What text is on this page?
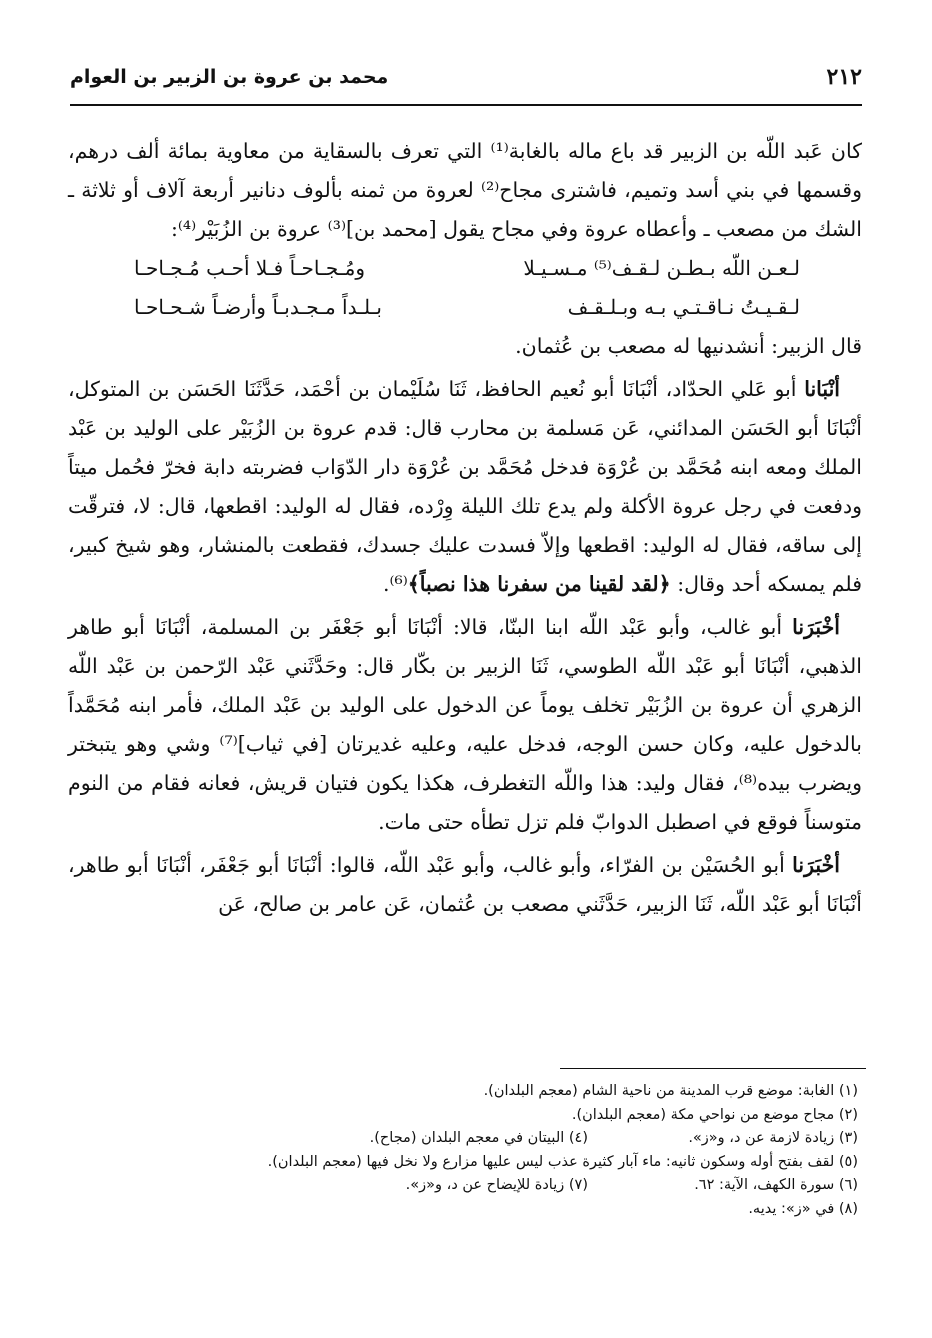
٢١٢
محمد بن عروة بن الزبير بن العوام

كان عَبد اللّه بن الزبير قد باع ماله بالغابة⁽¹⁾ التي تعرف بالسقاية من معاوية بمائة ألف درهم، وقسمها في بني أسد وتميم، فاشترى مجاح⁽²⁾ لعروة من ثمنه بألوف دنانير أربعة آلاف أو ثلاثة ـ الشك من مصعب ـ وأعطاه عروة وفي مجاح يقول [محمد بن]⁽³⁾ عروة بن الزُبَيْر⁽⁴⁾:

لـعـن اللّه بـطـن لـقـف⁽⁵⁾ مـسـيـلا
ومُـجـاحـاً فـلا أحـب مُـجـاحـا
لـقـيـتُ نـاقـتـي بـه وبـلـقـف
بـلـداً مـجـدبـاً وأرضـاً شـحـاحـا

قال الزبير: أنشدنيها له مصعب بن عُثمان.

أنْبَانا أبو عَلي الحدّاد، أنْبَانَا أبو نُعيم الحافظ، ثَنَا سُلَيْمان بن أحْمَد، حَدَّثَنَا الحَسَن بن المتوكل، أنْبَانَا أبو الحَسَن المدائني، عَن مَسلمة بن محارب قال: قدم عروة بن الزُبَيْر على الوليد بن عَبْد الملك ومعه ابنه مُحَمَّد بن عُرْوَة فدخل مُحَمَّد بن عُرْوَة دار الدّوَاب فضربته دابة فخرّ فحُمل ميتاً ودفعت في رجل عروة الأكلة ولم يدع تلك الليلة وِرْده، فقال له الوليد: اقطعها، قال: لا، فترقّت إلى ساقه، فقال له الوليد: اقطعها وإلاّ فسدت عليك جسدك، فقطعت بالمنشار، وهو شيخ كبير، فلم يمسكه أحد وقال: ﴿لقد لقينا من سفرنا هذا نصباً﴾⁽⁶⁾.

أخْبَرَنا أبو غالب، وأبو عَبْد اللّه ابنا البنّا، قالا: أنْبَانَا أبو جَعْفَر بن المسلمة، أنْبَانَا أبو طاهر الذهبي، أنْبَانَا أبو عَبْد اللّه الطوسي، ثَنَا الزبير بن بكّار قال: وحَدَّثَني عَبْد الرّحمن بن عَبْد اللّه الزهري أن عروة بن الزُبَيْر تخلف يوماً عن الدخول على الوليد بن عَبْد الملك، فأمر ابنه مُحَمَّداً بالدخول عليه، وكان حسن الوجه، فدخل عليه، وعليه غديرتان [في ثياب]⁽⁷⁾ وشي وهو يتبختر ويضرب بيده⁽⁸⁾، فقال وليد: هذا واللّه التغطرف، هكذا يكون فتيان قريش، فعانه فقام من النوم متوسناً فوقع في اصطبل الدوابّ فلم تزل تطأه حتى مات.

أخْبَرَنا أبو الحُسَيْن بن الفرّاء، وأبو غالب، وأبو عَبْد اللّه، قالوا: أنْبَانَا أبو جَعْفَر، أنْبَانَا أبو طاهر، أنْبَانَا أبو عَبْد اللّه، ثَنَا الزبير، حَدَّثَني مصعب بن عُثمان، عَن عامر بن صالح، عَن

(١) الغابة: موضع قرب المدينة من ناحية الشام (معجم البلدان).
(٢) مجاح موضع من نواحي مكة (معجم البلدان).
(٣) زيادة لازمة عن د، و«ز».
(٤) البيتان في معجم البلدان (مجاح).
(٥) لقف بفتح أوله وسكون ثانيه: ماء آبار كثيرة عذب ليس عليها مزارع ولا نخل فيها (معجم البلدان).
(٦) سورة الكهف، الآية: ٦٢.
(٧) زيادة للإيضاح عن د، و«ز».
(٨) في «ز»: يديه.
